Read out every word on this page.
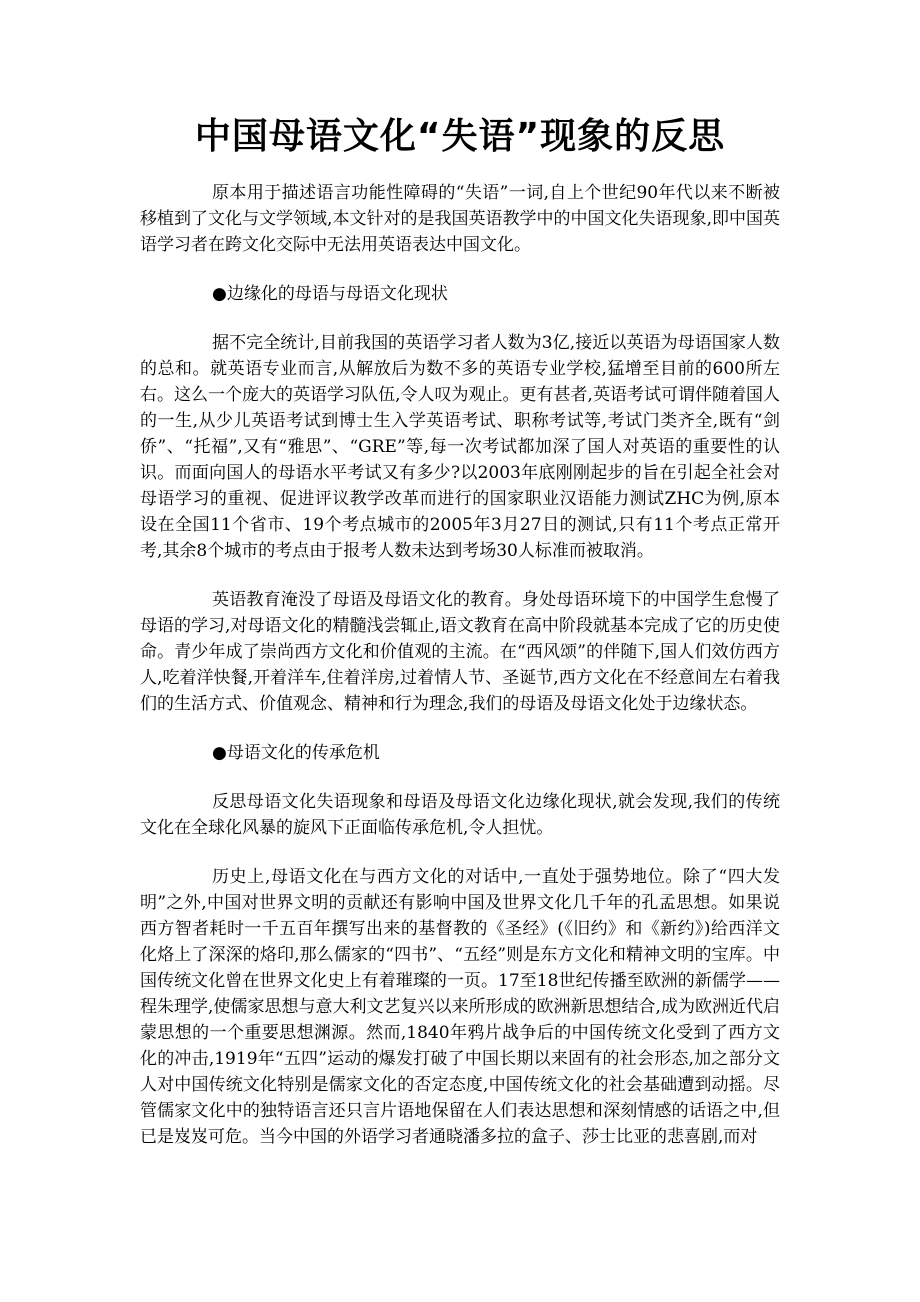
中国母语文化“失语”现象的反思

原本用于描述语言功能性障碍的“失语”一词,自上个世纪90年代以来不断被移植到了文化与文学领域,本文针对的是我国英语教学中的中国文化失语现象,即中国英语学习者在跨文化交际中无法用英语表达中国文化。

●边缘化的母语与母语文化现状

据不完全统计,目前我国的英语学习者人数为3亿,接近以英语为母语国家人数的总和。就英语专业而言,从解放后为数不多的英语专业学校,猛增至目前的600所左右。这么一个庞大的英语学习队伍,令人叹为观止。更有甚者,英语考试可谓伴随着国人的一生,从少儿英语考试到博士生入学英语考试、职称考试等,考试门类齐全,既有“剑侨”、“托福”,又有“雅思”、“GRE”等,每一次考试都加深了国人对英语的重要性的认识。而面向国人的母语水平考试又有多少?以2003年底刚刚起步的旨在引起全社会对母语学习的重视、促进评议教学改革而进行的国家职业汉语能力测试ZHC为例,原本设在全国11个省市、19个考点城市的2005年3月27日的测试,只有11个考点正常开考,其余8个城市的考点由于报考人数未达到考场30人标准而被取消。

英语教育淹没了母语及母语文化的教育。身处母语环境下的中国学生怠慢了母语的学习,对母语文化的精髓浅尝辄止,语文教育在高中阶段就基本完成了它的历史使命。青少年成了崇尚西方文化和价值观的主流。在“西风颂”的伴随下,国人们效仿西方人,吃着洋快餐,开着洋车,住着洋房,过着情人节、圣诞节,西方文化在不经意间左右着我们的生活方式、价值观念、精神和行为理念,我们的母语及母语文化处于边缘状态。

●母语文化的传承危机

反思母语文化失语现象和母语及母语文化边缘化现状,就会发现,我们的传统文化在全球化风暴的旋风下正面临传承危机,令人担忧。

历史上,母语文化在与西方文化的对话中,一直处于强势地位。除了“四大发明”之外,中国对世界文明的贡献还有影响中国及世界文化几千年的孔孟思想。如果说西方智者耗时一千五百年撰写出来的基督教的《圣经》(《旧约》和《新约》)给西洋文化烙上了深深的烙印,那么儒家的“四书”、“五经”则是东方文化和精神文明的宝库。中国传统文化曾在世界文化史上有着璀璨的一页。17至18世纪传播至欧洲的新儒学——程朱理学,使儒家思想与意大利文艺复兴以来所形成的欧洲新思想结合,成为欧洲近代启蒙思想的一个重要思想渊源。然而,1840年鸦片战争后的中国传统文化受到了西方文化的冲击,1919年“五四”运动的爆发打破了中国长期以来固有的社会形态,加之部分文人对中国传统文化特别是儒家文化的否定态度,中国传统文化的社会基础遭到动摇。尽管儒家文化中的独特语言还只言片语地保留在人们表达思想和深刻情感的话语之中,但已是岌岌可危。当今中国的外语学习者通晓潘多拉的盒子、莎士比亚的悲喜剧,而对
